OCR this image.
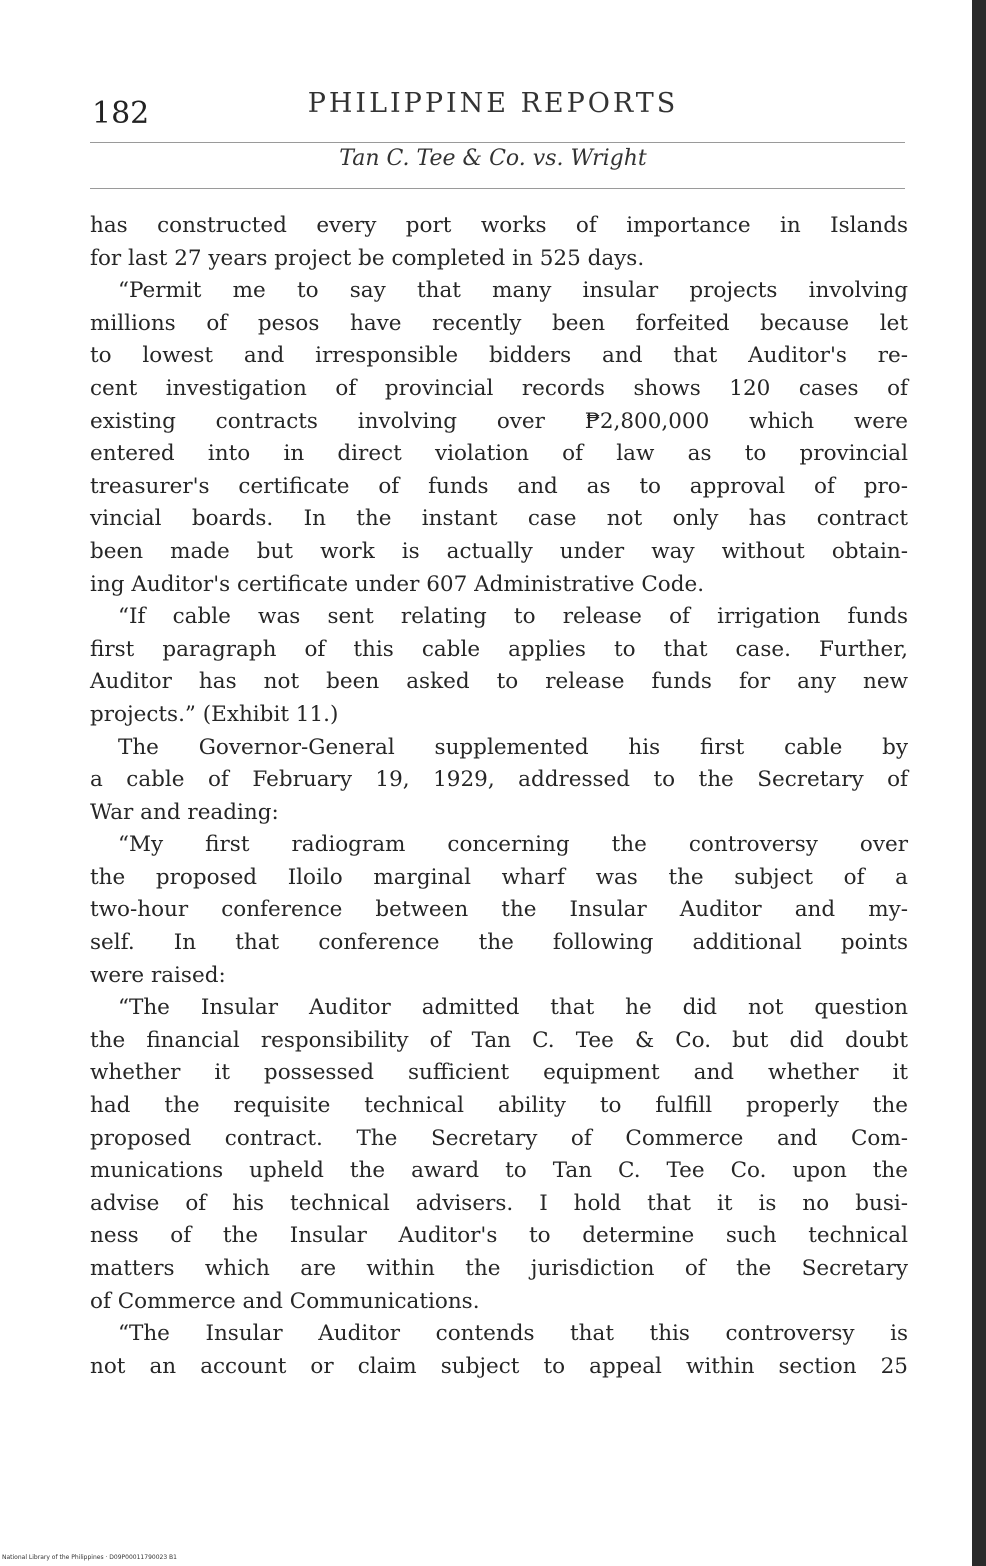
182	PHILIPPINE REPORTS
Tan C. Tee & Co. vs. Wright
has constructed every port works of importance in Islands
for last 27 years project be completed in 525 days.
“Permit me to say that many insular projects involving
millions of pesos have recently been forfeited because let
to lowest and irresponsible bidders and that Auditor's re-
cent investigation of provincial records shows 120 cases of
existing contracts involving over ₱2,800,000 which were
entered into in direct violation of law as to provincial
treasurer's certificate of funds and as to approval of pro-
vincial boards. In the instant case not only has contract
been made but work is actually under way without obtain-
ing Auditor's certificate under 607 Administrative Code.
“If cable was sent relating to release of irrigation funds
first paragraph of this cable applies to that case. Further,
Auditor has not been asked to release funds for any new
projects.” (Exhibit 11.)
The Governor-General supplemented his first cable by
a cable of February 19, 1929, addressed to the Secretary of
War and reading:
“My first radiogram concerning the controversy over
the proposed Iloilo marginal wharf was the subject of a
two-hour conference between the Insular Auditor and my-
self. In that conference the following additional points
were raised:
“The Insular Auditor admitted that he did not question
the financial responsibility of Tan C. Tee & Co. but did doubt
whether it possessed sufficient equipment and whether it
had the requisite technical ability to fulfill properly the
proposed contract. The Secretary of Commerce and Com-
munications upheld the award to Tan C. Tee Co. upon the
advise of his technical advisers. I hold that it is no busi-
ness of the Insular Auditor's to determine such technical
matters which are within the jurisdiction of the Secretary
of Commerce and Communications.
“The Insular Auditor contends that this controversy is
not an account or claim subject to appeal within section 25
National Library of the Philippines · D09P00011790023 B1
